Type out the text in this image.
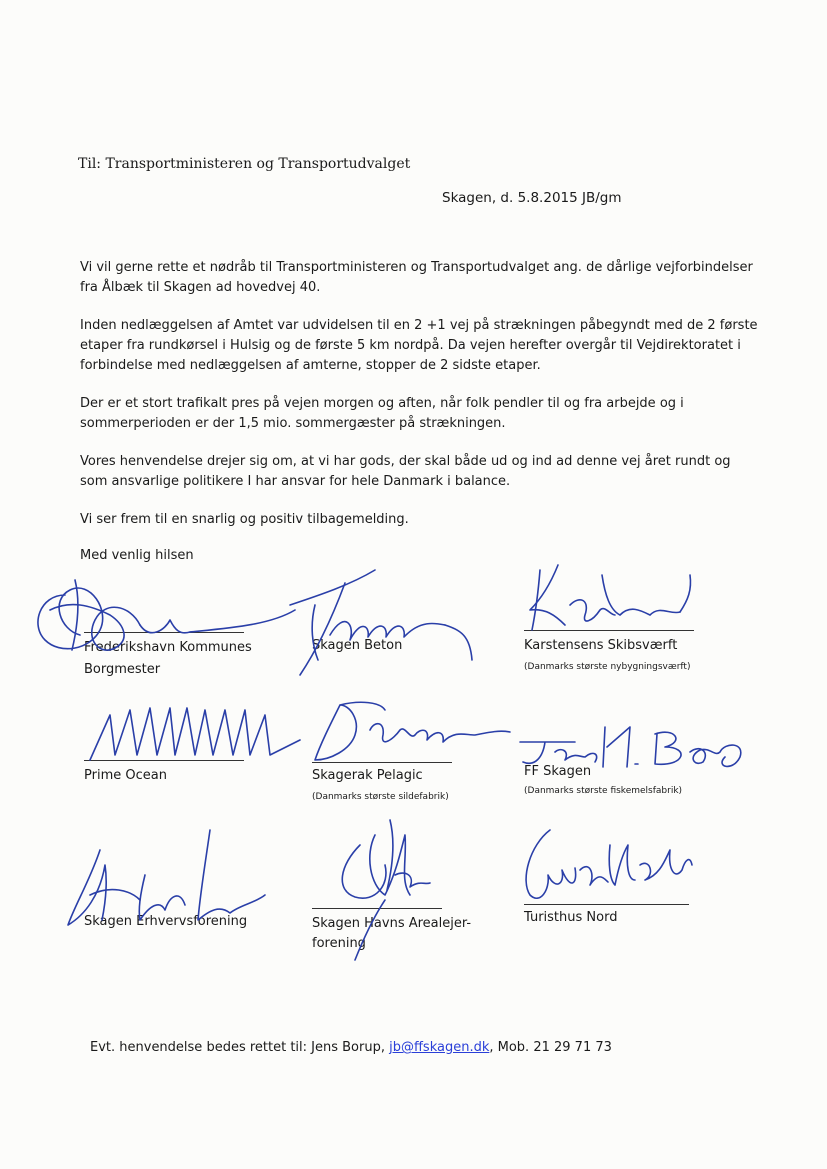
Til: Transportministeren og Transportudvalget
Skagen, d. 5.8.2015 JB/gm
Vi vil gerne rette et nødråb til Transportministeren og Transportudvalget ang. de dårlige vejforbindelser fra Ålbæk til Skagen ad hovedvej 40.
Inden nedlæggelsen af Amtet var udvidelsen til en 2 +1 vej på strækningen påbegyndt med de 2 første etaper fra rundkørsel i Hulsig og de første 5 km nordpå. Da vejen herefter overgår til Vejdirektoratet i forbindelse med nedlæggelsen af amterne, stopper de 2 sidste etaper.
Der er et stort trafikalt pres på vejen morgen og aften, når folk pendler til og fra arbejde og i sommerperioden er der 1,5 mio. sommergæster på strækningen.
Vores henvendelse drejer sig om, at vi har gods, der skal både ud og ind ad denne vej året rundt og som ansvarlige politikere I har ansvar for hele Danmark i balance.
Vi ser frem til en snarlig og positiv tilbagemelding.
Med venlig hilsen
Frederikshavn Kommunes
Borgmester
Skagen Beton	Karstensens Skibsværft
(Danmarks største nybygningsværft)
Prime Ocean	Skagerak Pelagic
(Danmarks største sildefabrik)
FF Skagen
(Danmarks største fiskemelsfabrik)
Skagen Erhvervsforening	Skagen Havns Arealejer-
forening
Turisthus Nord
Evt. henvendelse bedes rettet til: Jens Borup, jb@ffskagen.dk, Mob. 21 29 71 73
